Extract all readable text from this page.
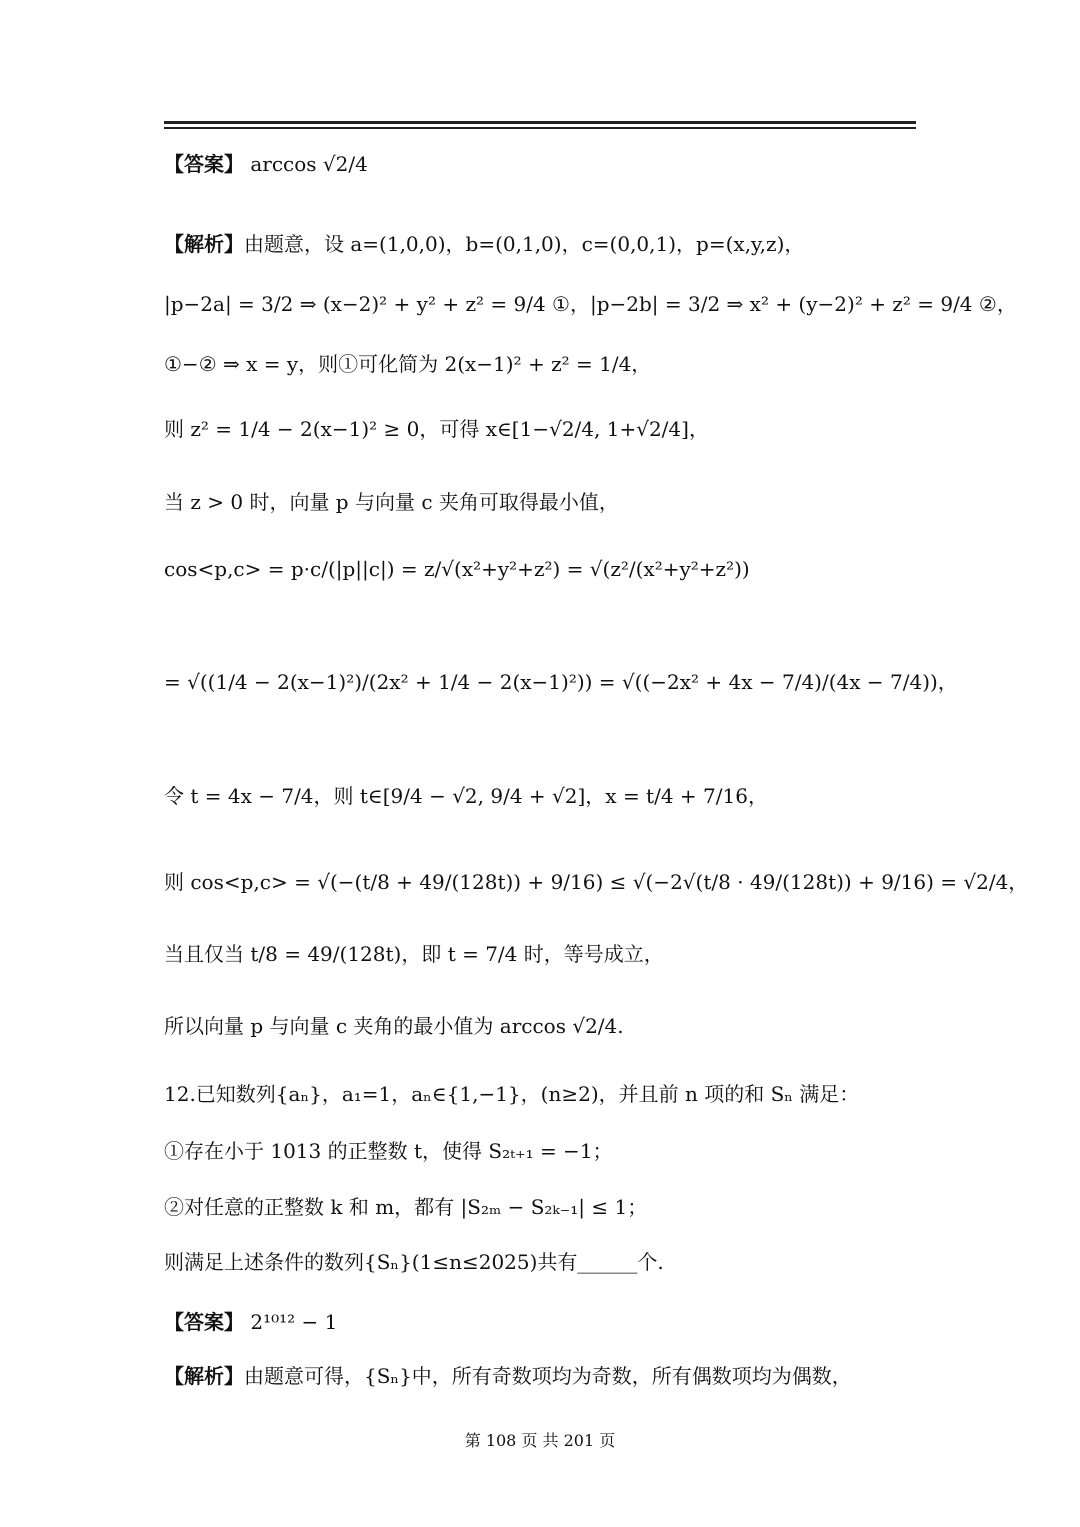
【答案】 arccos √2/4
【解析】由题意，设 a=(1,0,0)，b=(0,1,0)，c=(0,0,1)，p=(x,y,z)，
|p−2a| = 3/2 ⇒ (x−2)² + y² + z² = 9/4 ①，|p−2b| = 3/2 ⇒ x² + (y−2)² + z² = 9/4 ②，
①−② ⇒ x = y，则①可化简为 2(x−1)² + z² = 1/4，
则 z² = 1/4 − 2(x−1)² ≥ 0，可得 x∈[1−√2/4, 1+√2/4]，
当 z > 0 时，向量 p 与向量 c 夹角可取得最小值，
cos<p,c> = p·c/(|p||c|) = z/√(x²+y²+z²) = √(z²/(x²+y²+z²))
= √((1/4 − 2(x−1)²)/(2x² + 1/4 − 2(x−1)²)) = √((−2x² + 4x − 7/4)/(4x − 7/4))，
令 t = 4x − 7/4，则 t∈[9/4 − √2, 9/4 + √2]，x = t/4 + 7/16，
则 cos<p,c> = √(−(t/8 + 49/(128t)) + 9/16) ≤ √(−2√(t/8 · 49/(128t)) + 9/16) = √2/4，
当且仅当 t/8 = 49/(128t)，即 t = 7/4 时，等号成立，
所以向量 p 与向量 c 夹角的最小值为 arccos √2/4.
12.已知数列{aₙ}，a₁=1，aₙ∈{1,−1}，(n≥2)，并且前 n 项的和 Sₙ 满足：
①存在小于 1013 的正整数 t，使得 S₂ₜ₊₁ = −1；
②对任意的正整数 k 和 m，都有 |S₂ₘ − S₂ₖ₋₁| ≤ 1；
则满足上述条件的数列{Sₙ}(1≤n≤2025)共有______个.
【答案】 2¹⁰¹² − 1
【解析】由题意可得，{Sₙ}中，所有奇数项均为奇数，所有偶数项均为偶数，
第 108 页 共 201 页
